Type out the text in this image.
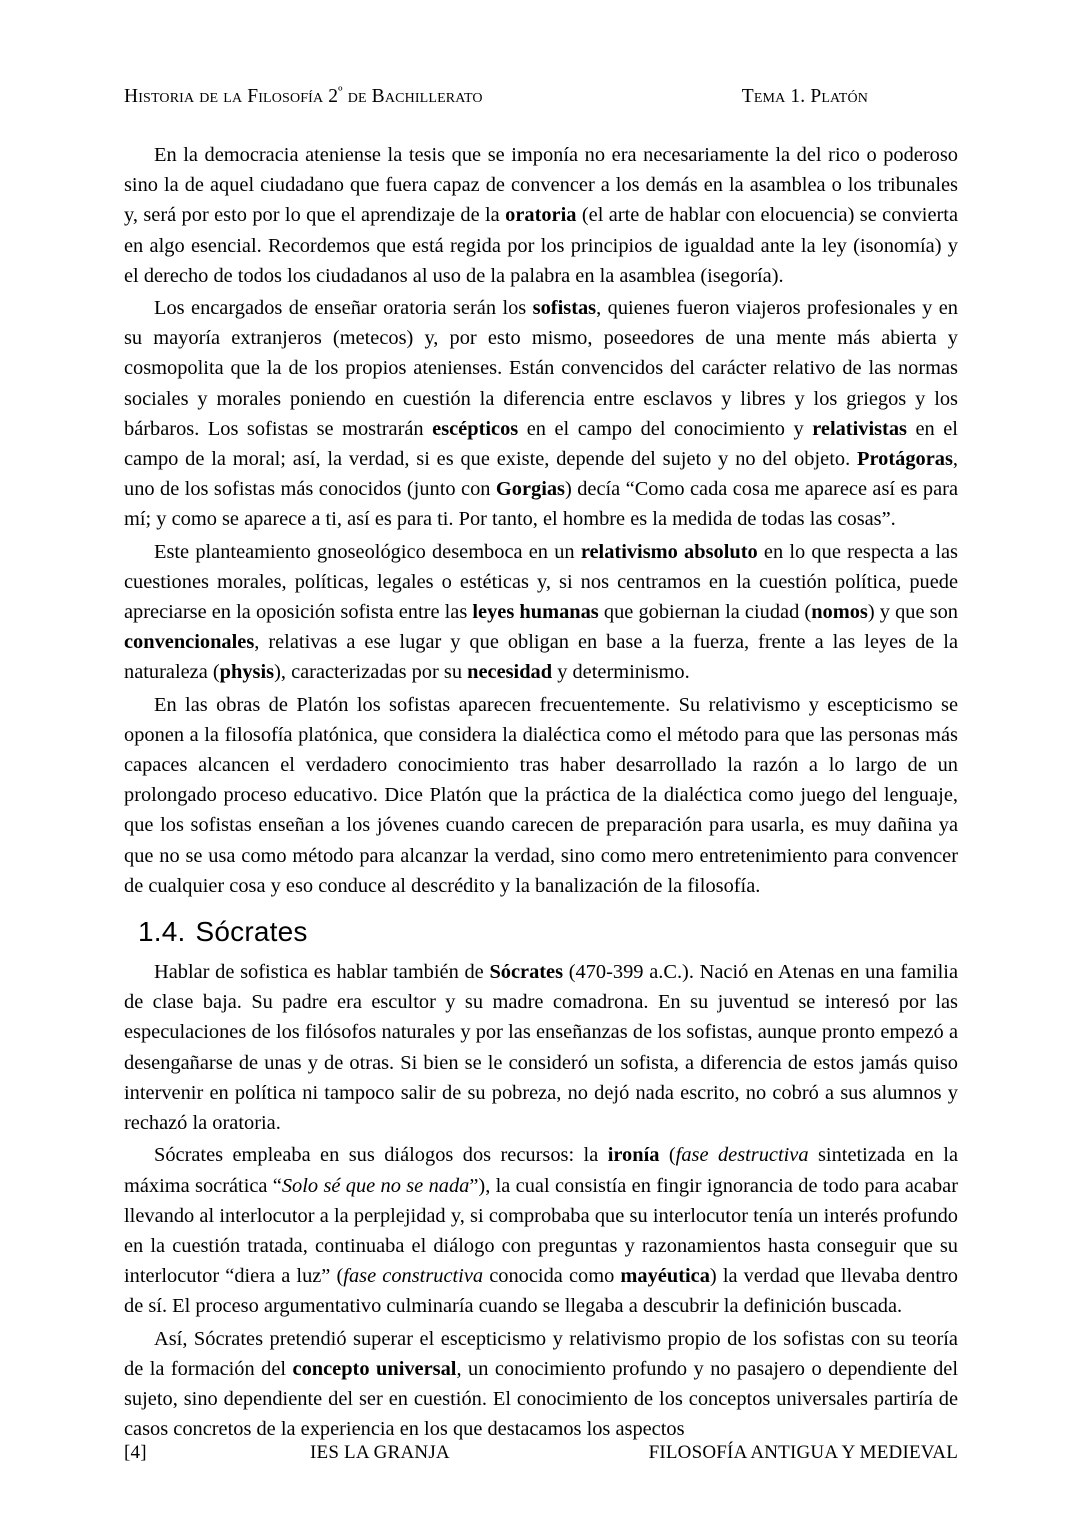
Historia de la Filosofía $2^º$ de Bachillerato	Tema 1. Platón

En la democracia ateniense la tesis que se imponía no era necesariamente la del rico o poderoso sino la de aquel ciudadano que fuera capaz de convencer a los demás en la asamblea o los tribunales y, será por esto por lo que el aprendizaje de la oratoria (el arte de hablar con elocuencia) se convierta en algo esencial. Recordemos que está regida por los principios de igualdad ante la ley (isonomía) y el derecho de todos los ciudadanos al uso de la palabra en la asamblea (isegoría).

Los encargados de enseñar oratoria serán los sofistas, quienes fueron viajeros profesionales y en su mayoría extranjeros (metecos) y, por esto mismo, poseedores de una mente más abierta y cosmopolita que la de los propios atenienses. Están convencidos del carácter relativo de las normas sociales y morales poniendo en cuestión la diferencia entre esclavos y libres y los griegos y los bárbaros. Los sofistas se mostrarán escépticos en el campo del conocimiento y relativistas en el campo de la moral; así, la verdad, si es que existe, depende del sujeto y no del objeto. Protágoras, uno de los sofistas más conocidos (junto con Gorgias) decía “Como cada cosa me aparece así es para mí; y como se aparece a ti, así es para ti. Por tanto, el hombre es la medida de todas las cosas”.

Este planteamiento gnoseológico desemboca en un relativismo absoluto en lo que respecta a las cuestiones morales, políticas, legales o estéticas y, si nos centramos en la cuestión política, puede apreciarse en la oposición sofista entre las leyes humanas que gobiernan la ciudad (nomos) y que son convencionales, relativas a ese lugar y que obligan en base a la fuerza, frente a las leyes de la naturaleza (physis), caracterizadas por su necesidad y determinismo.

En las obras de Platón los sofistas aparecen frecuentemente. Su relativismo y escepticismo se oponen a la filosofía platónica, que considera la dialéctica como el método para que las personas más capaces alcancen el verdadero conocimiento tras haber desarrollado la razón a lo largo de un prolongado proceso educativo. Dice Platón que la práctica de la dialéctica como juego del lenguaje, que los sofistas enseñan a los jóvenes cuando carecen de preparación para usarla, es muy dañina ya que no se usa como método para alcanzar la verdad, sino como mero entretenimiento para convencer de cualquier cosa y eso conduce al descrédito y la banalización de la filosofía.

1.4. Sócrates

Hablar de sofistica es hablar también de Sócrates (470-399 a.C.). Nació en Atenas en una familia de clase baja. Su padre era escultor y su madre comadrona. En su juventud se interesó por las especulaciones de los filósofos naturales y por las enseñanzas de los sofistas, aunque pronto empezó a desengañarse de unas y de otras. Si bien se le consideró un sofista, a diferencia de estos jamás quiso intervenir en política ni tampoco salir de su pobreza, no dejó nada escrito, no cobró a sus alumnos y rechazó la oratoria.

Sócrates empleaba en sus diálogos dos recursos: la ironía (fase destructiva sintetizada en la máxima socrática “Solo sé que no se nada”), la cual consistía en fingir ignorancia de todo para acabar llevando al interlocutor a la perplejidad y, si comprobaba que su interlocutor tenía un interés profundo en la cuestión tratada, continuaba el diálogo con preguntas y razonamientos hasta conseguir que su interlocutor “diera a luz” (fase constructiva conocida como mayéutica) la verdad que llevaba dentro de sí. El proceso argumentativo culminaría cuando se llegaba a descubrir la definición buscada.

Así, Sócrates pretendió superar el escepticismo y relativismo propio de los sofistas con su teoría de la formación del concepto universal, un conocimiento profundo y no pasajero o dependiente del sujeto, sino dependiente del ser en cuestión. El conocimiento de los conceptos universales partiría de casos concretos de la experiencia en los que destacamos los aspectos

[4]	IES LA GRANJA	FILOSOFÍA ANTIGUA Y MEDIEVAL
